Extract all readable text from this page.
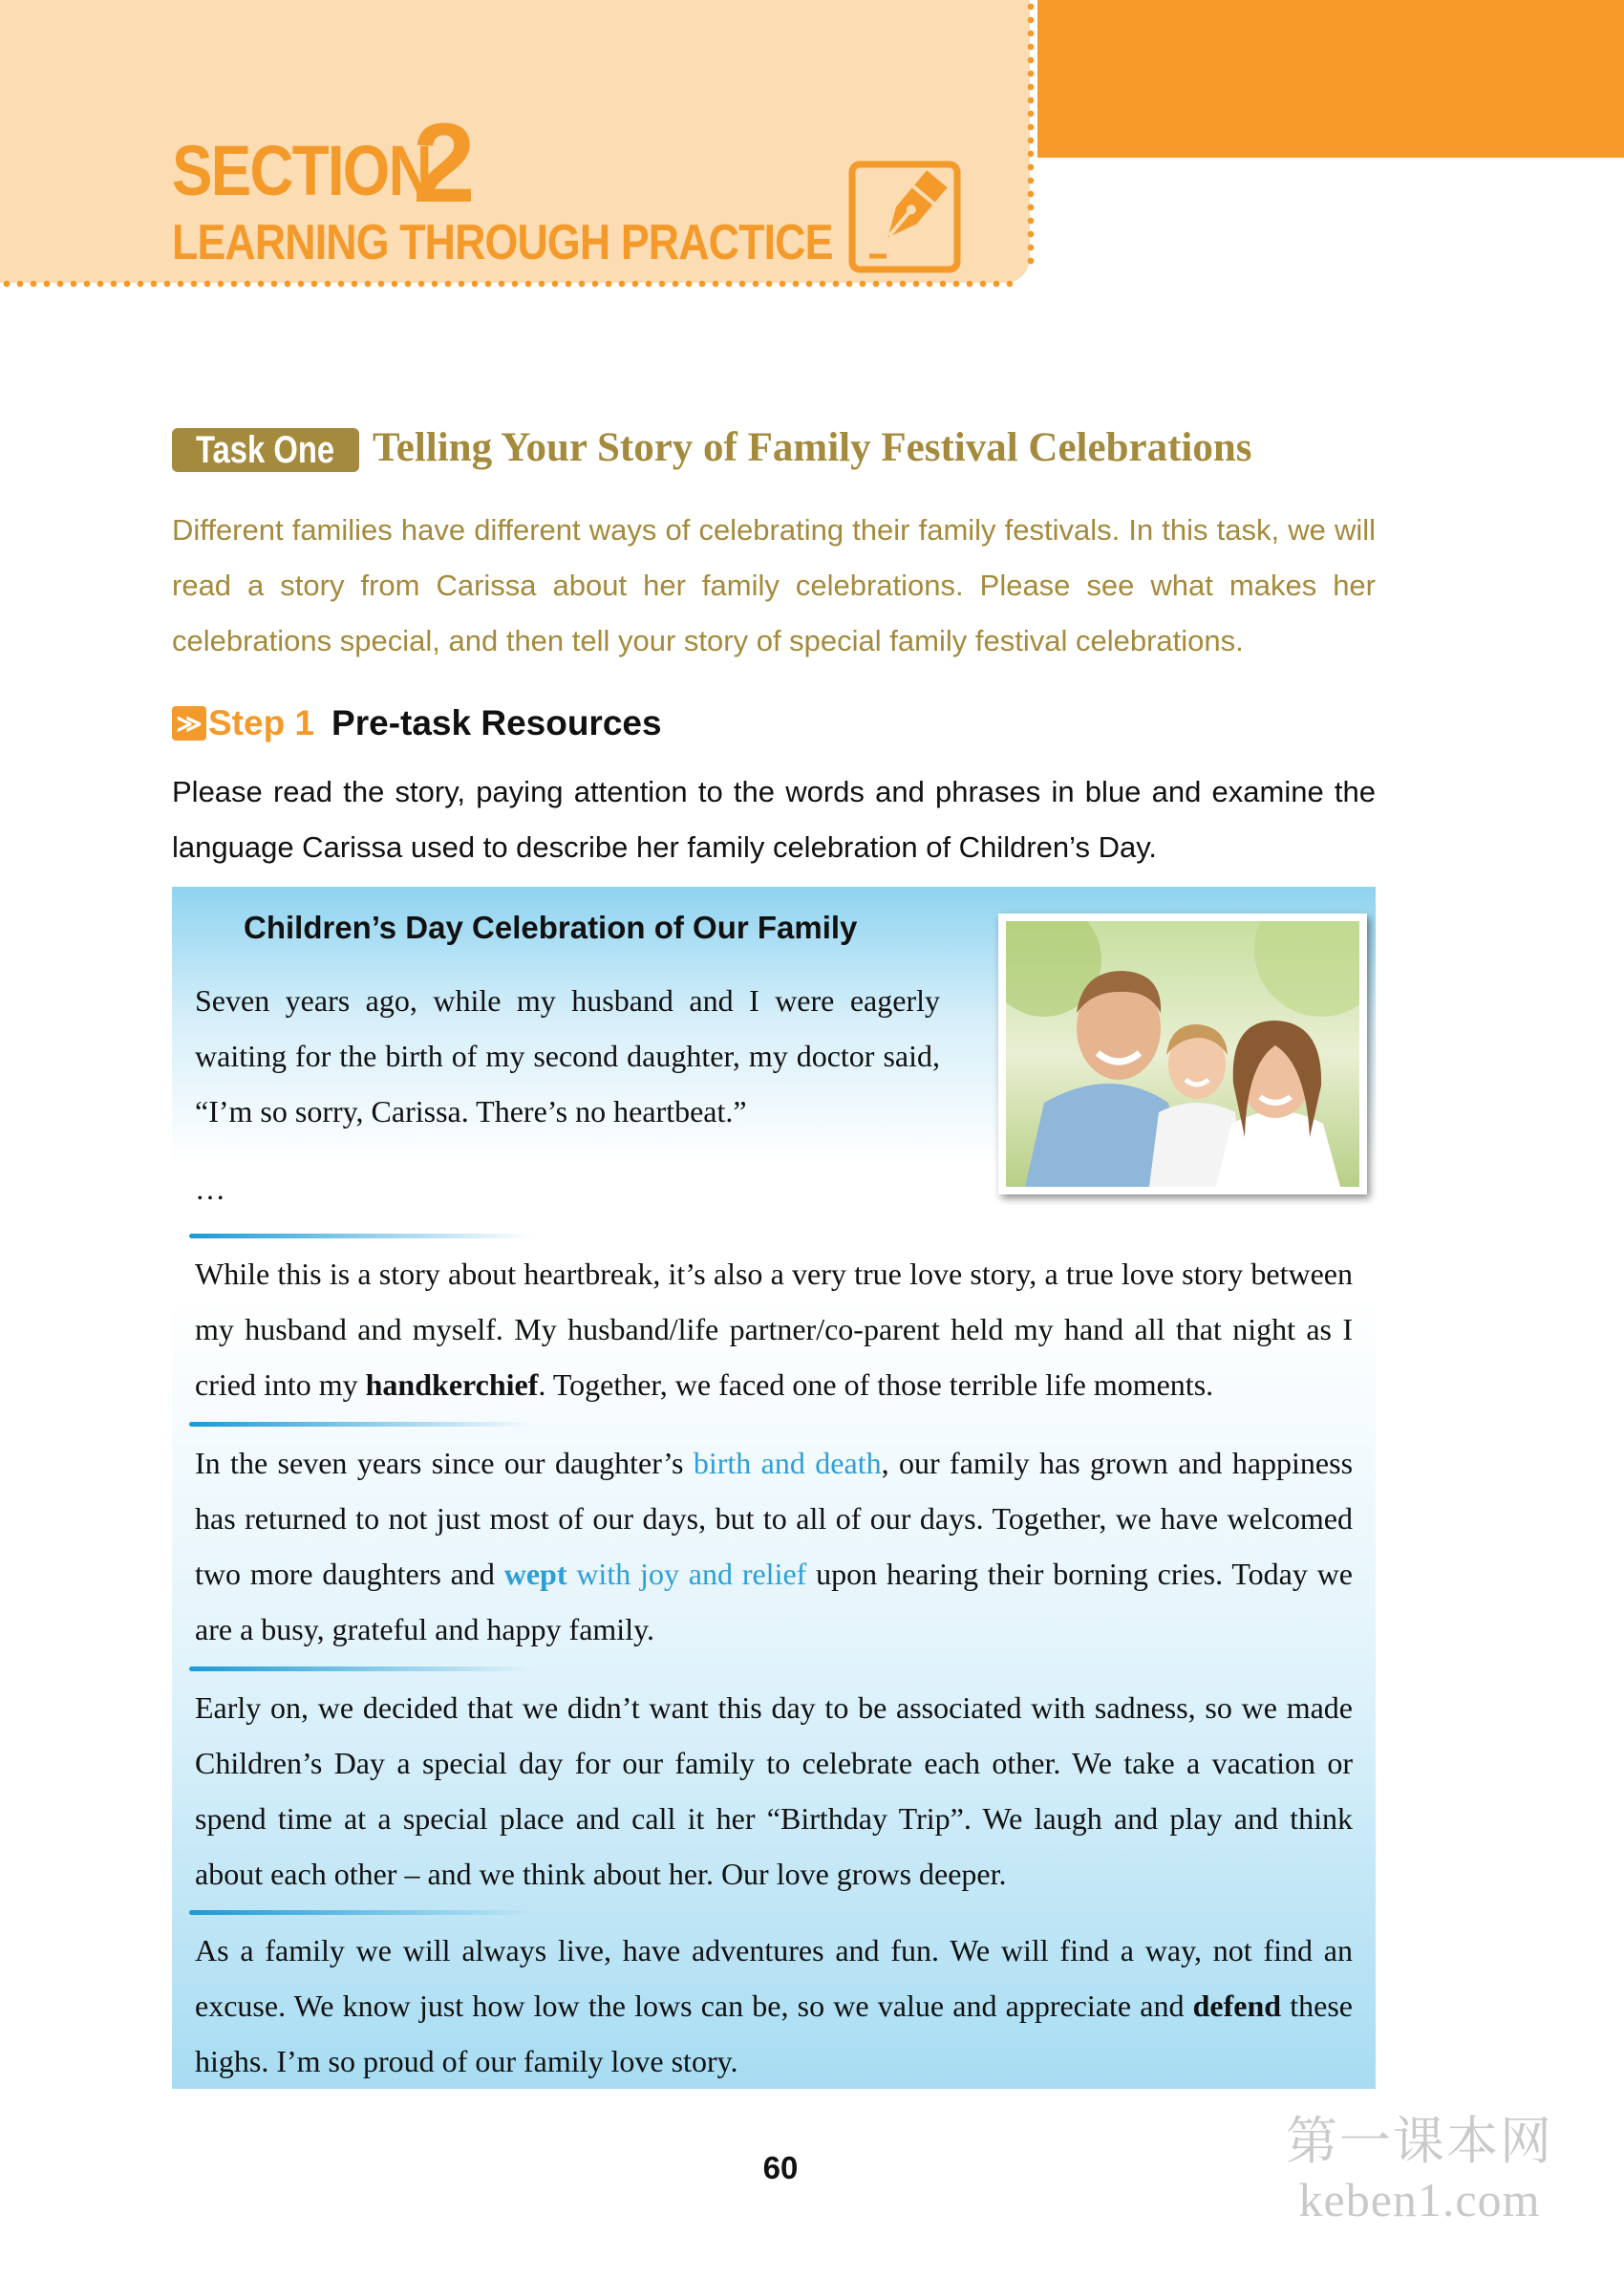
SECTION
2
LEARNING THROUGH PRACTICE
Task One Telling Your Story of Family Festival Celebrations
Different families have different ways of celebrating their family festivals. In this task, we will read a story from Carissa about her family celebrations. Please see what makes her celebrations special, and then tell your story of special family festival celebrations.
≫ Step 1 Pre-task Resources
Please read the story, paying attention to the words and phrases in blue and examine the language Carissa used to describe her family celebration of Children’s Day.
Children’s Day Celebration of Our Family
Seven years ago, while my husband and I were eagerly waiting for the birth of my second daughter, my doctor said, “I’m so sorry, Carissa. There’s no heartbeat.”
…
While this is a story about heartbreak, it’s also a very true love story, a true love story between my husband and myself. My husband/life partner/co-parent held my hand all that night as I cried into my handkerchief. Together, we faced one of those terrible life moments.
In the seven years since our daughter’s birth and death, our family has grown and happiness has returned to not just most of our days, but to all of our days. Together, we have welcomed two more daughters and wept with joy and relief upon hearing their borning cries. Today we are a busy, grateful and happy family.
Early on, we decided that we didn’t want this day to be associated with sadness, so we made Children’s Day a special day for our family to celebrate each other. We take a vacation or spend time at a special place and call it her “Birthday Trip”. We laugh and play and think about each other – and we think about her. Our love grows deeper.
As a family we will always live, have adventures and fun. We will find a way, not find an excuse. We know just how low the lows can be, so we value and appreciate and defend these highs. I’m so proud of our family love story.
60	第一课本网
keben1.com
